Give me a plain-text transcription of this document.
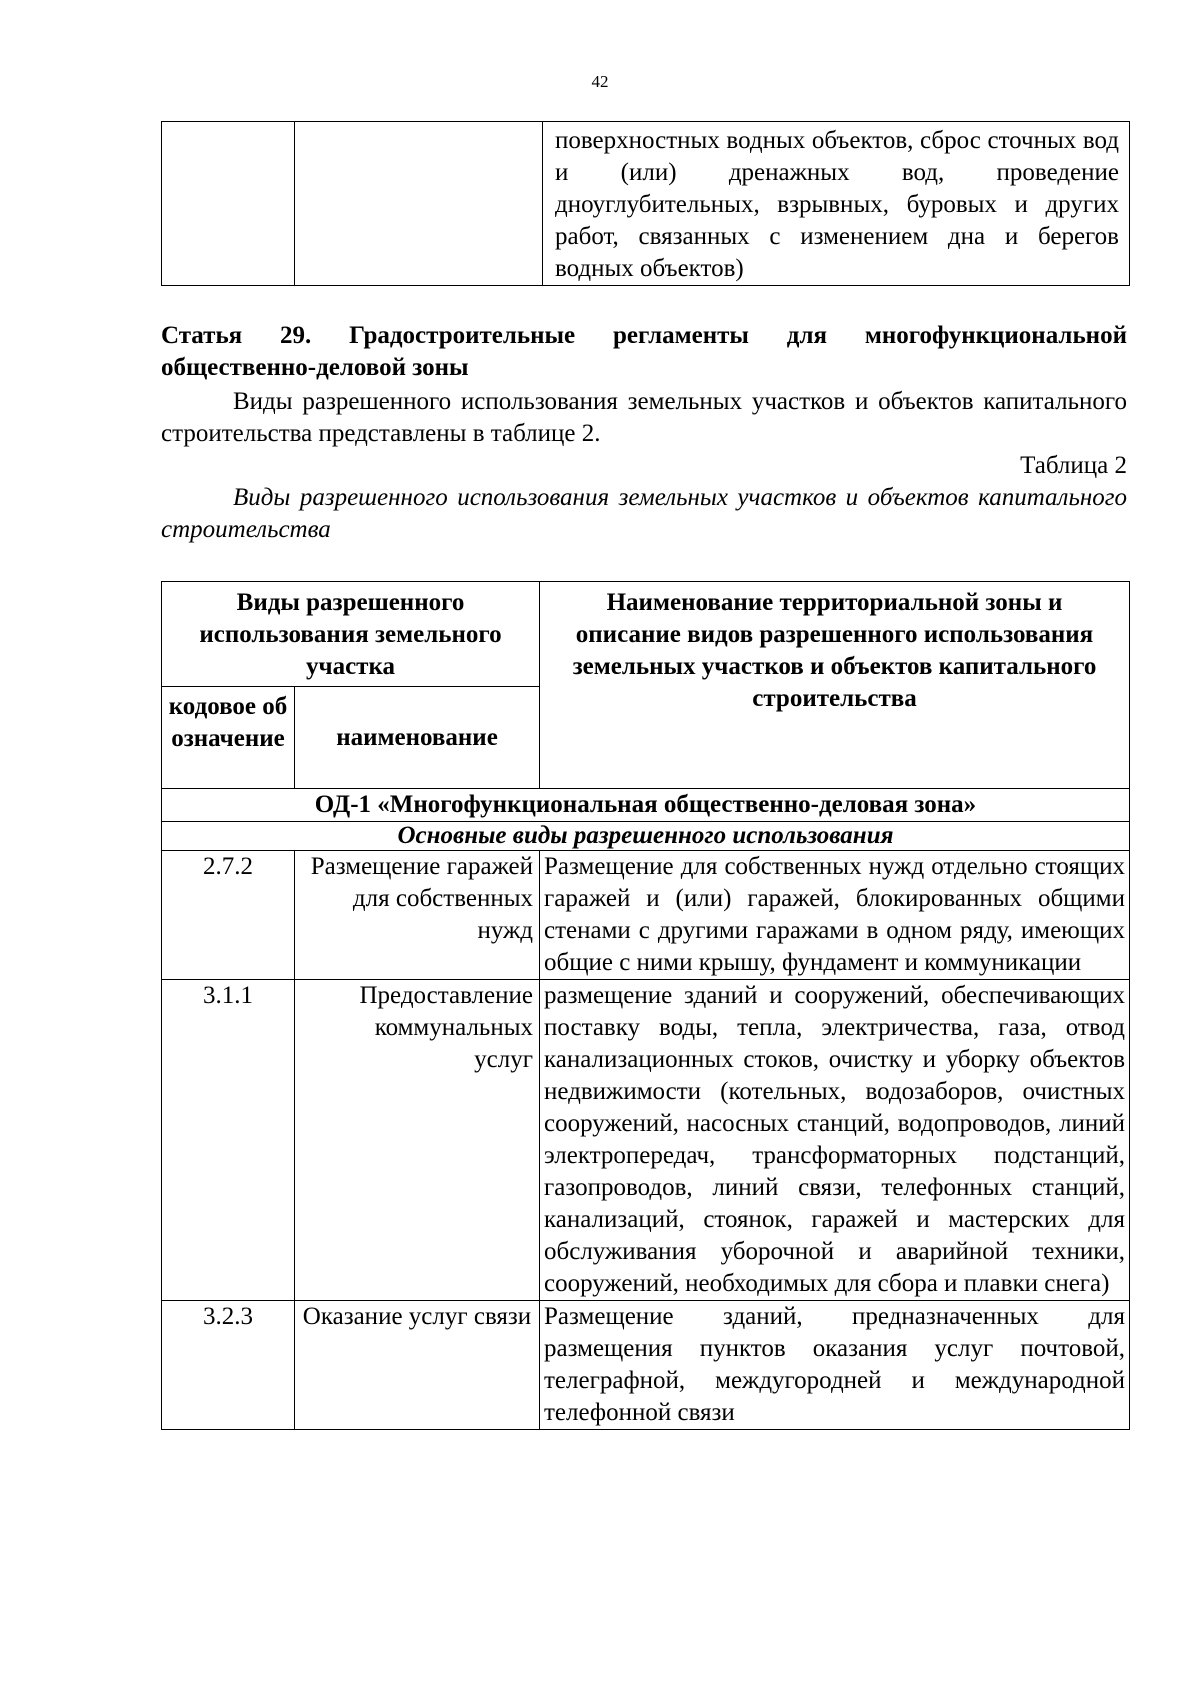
42

поверхностных водных объектов, сброс сточных вод и (или) дренажных вод, проведение дноуглубительных, взрывных, буровых и других работ, связанных с изменением дна и берегов водных объектов)
Статья 29. Градостроительные регламенты для многофункциональной общественно-деловой зоны
Виды разрешенного использования земельных участков и объектов капитального строительства представлены в таблице 2.
Таблица 2
Виды разрешенного использования земельных участков и объектов капитального строительства
Виды разрешенного использования земельного участка		Наименование территориальной зоны и описание видов разрешенного использования земельных участков и объектов капитального строительства
кодовое обозначение	наименование	
ОД-1 «Многофункциональная общественно-деловая зона»		
Основные виды разрешенного использования		
2.7.2	Размещение гаражей для собственных нужд	Размещение для собственных нужд отдельно стоящих гаражей и (или) гаражей, блокированных общими стенами с другими гаражами в одном ряду, имеющих общие с ними крышу, фундамент и коммуникации
3.1.1	Предоставление коммунальных услуг	размещение зданий и сооружений, обеспечивающих поставку воды, тепла, электричества, газа, отвод канализационных стоков, очистку и уборку объектов недвижимости (котельных, водозаборов, очистных сооружений, насосных станций, водопроводов, линий электропередач, трансформаторных подстанций, газопроводов, линий связи, телефонных станций, канализаций, стоянок, гаражей и мастерских для обслуживания уборочной и аварийной техники, сооружений, необходимых для сбора и плавки снега)
3.2.3	Оказание услуг связи	Размещение зданий, предназначенных для размещения пунктов оказания услуг почтовой, телеграфной, междугородней и международной телефонной связи
